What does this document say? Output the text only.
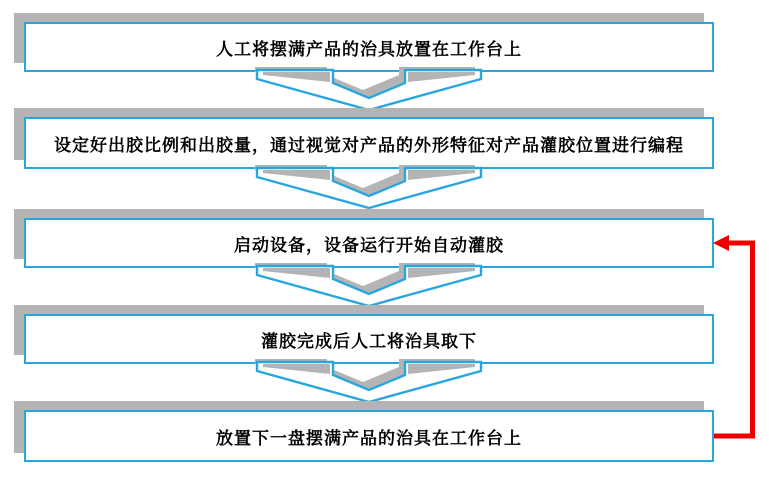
人工将摆满产品的治具放置在工作台上
设定好出胶比例和出胶量，通过视觉对产品的外形特征对产品灌胶位置进行编程
启动设备，设备运行开始自动灌胶
灌胶完成后人工将治具取下
放置下一盘摆满产品的治具在工作台上
